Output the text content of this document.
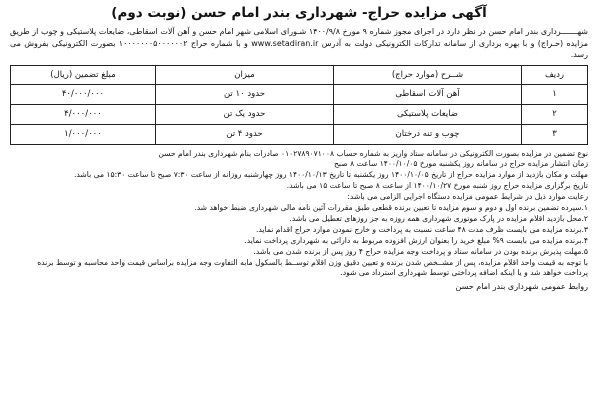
آگهی مزایده حراج- شهرداری بندر امام حسن (نوبت دوم)
شهـــــــرداری بندر امام حسن در نظر دارد در اجرای مجوز شماره ۹ مورخ ۱۴۰۰/۹/۸ شـورای اسلامی شهر امام حسن و آهن آلات اسقاطی، ضایعات پلاستیکی و چوب از طریق مزایده (حـراج) و با بهره برداری از سامانه تدارکات الکترونیکی دولت به آدرس www.setadiran.ir و با شماره حراج ۱۰۰۰۰۰۰۰۵۰۰۰۰۰۰۲ بصورت الکترونیکی بفروش می رسد.
ردیف	شــرح (موارد حراج)	میزان	مبلغ تضمین (ریال)
۱	آهن آلات اسقاطی	حدود ۱۰ تن	۴۰/۰۰۰/۰۰۰
۲	ضایعات پلاستیکی	حدود یک تن	۴/۰۰۰/۰۰۰
۳	چوب و تنه درختان	حدود ۴ تن	۱/۰۰۰/۰۰۰

نوع تضمین در مزایده بصورت الکترونیکی در سامانه ستاد واریز به شماره حساب ۰۱۰۲۷۸۹۰۷۱۰۰۸ صادرات بنام شهرداری بندر امام حسن

زمان انتشار مزایده حراج در سامانه روز یکشنبه مورخ ۱۴۰۰/۱۰/۰۵ ساعت ۸ صبح

مهلت و مکان بازدید از موارد مزایده حراج از تاریخ ۱۴۰۰/۱۰/۰۵ روز یکشنبه تا تاریخ ۱۴۰۰/۱۰/۱۳ روز چهارشنبه روزانه از ساعت ۷:۳۰ صبح تا ساعت ۱۵:۳۰ می باشد.

تاریخ برگزاری مزایده حراج روز شنبه مورخ ۱۴۰۰/۱۰/۲۷ از ساعت ۸ صبح تا ساعت ۱۵ می باشد.

رعایت موارد ذیل در شرایط عمومی مزایده دستگاه اجرایی الزامی می باشد:

۱.سپرده تضمین برنده اول و دوم و سوم مزایده تا تعیین برنده قطعی طبق مقررات آئین نامه مالی شهرداری ضبط خواهد شد.

۲.محل بازدید اقلام مزایده در پارک موتوری شهرداری همه روزه به جز روزهای تعطیل می باشد.

۳.برنده مزایده می بایست ظرف مدت ۴۸ ساعت نسبت به پرداخت و خارج نمودن موارد حراج اقدام نماید.

۴.برنده مزایده می بایست ۹% مبلغ خرید را بعنوان ارزش افزوده مربوط به دارائی به شهرداری پرداخت نماید.

۵.مهلت پذیرش برنده بودن در سامانه ستاد و پرداخت وجه مزایده حراج ۴ روز پس از برنده شدن می باشد.

با توجه به قیمت واحد اقلام مزایده، پس از مشــخص شدن برنده و تعیین دقیق وزن اقلام توســط بالسکول مابه التفاوت وجه مزایده براساس قیمت واحد محاسبه و توسط برنده

پرداخت خواهد شد و یا اینکه اضافه پرداختی توسط شهرداری استرداد می شود.

روابط عمومی شهرداری بندر امام حسن
